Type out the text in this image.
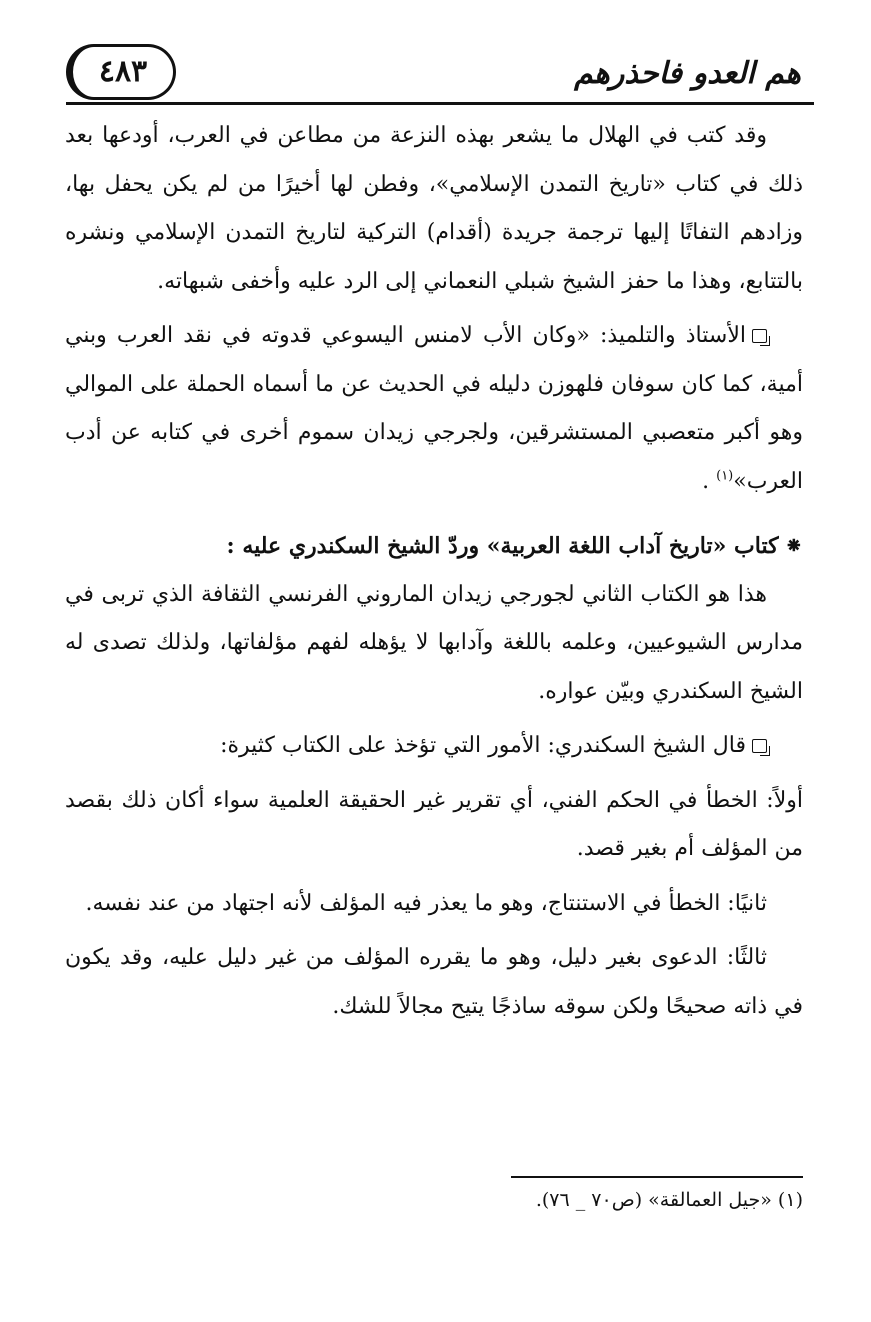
هم العدو فاحذرهم
٤٨٣

وقد كتب في الهلال ما يشعر بهذه النزعة من مطاعن في العرب، أودعها بعد ذلك في كتاب «تاريخ التمدن الإسلامي»، وفطن لها أخيرًا من لم يكن يحفل بها، وزادهم التفاتًا إليها ترجمة جريدة (أقدام) التركية لتاريخ التمدن الإسلامي ونشره بالتتابع، وهذا ما حفز الشيخ شبلي النعماني إلى الرد عليه وأخفى شبهاته.

الأستاذ والتلميذ: «وكان الأب لامنس اليسوعي قدوته في نقد العرب وبني أمية، كما كان سوفان فلهوزن دليله في الحديث عن ما أسماه الحملة على الموالي وهو أكبر متعصبي المستشرقين، ولجرجي زيدان سموم أخرى في كتابه عن أدب العرب»$^{(١)}$ .

⁕كتاب «تاريخ آداب اللغة العربية» وردّ الشيخ السكندري عليه :

هذا هو الكتاب الثاني لجورجي زيدان الماروني الفرنسي الثقافة الذي تربى في مدارس الشيوعيين، وعلمه باللغة وآدابها لا يؤهله لفهم مؤلفاتها، ولذلك تصدى له الشيخ السكندري وبيّن عواره.

قال الشيخ السكندري: الأمور التي تؤخذ على الكتاب كثيرة:

أولاً: الخطأ في الحكم الفني، أي تقرير غير الحقيقة العلمية سواء أكان ذلك بقصد من المؤلف أم بغير قصد.

ثانيًا: الخطأ في الاستنتاج، وهو ما يعذر فيه المؤلف لأنه اجتهاد من عند نفسه.

ثالثًا: الدعوى بغير دليل، وهو ما يقرره المؤلف من غير دليل عليه، وقد يكون في ذاته صحيحًا ولكن سوقه ساذجًا يتيح مجالاً للشك.

(١) «جيل العمالقة» (ص٧٠ _ ٧٦).
